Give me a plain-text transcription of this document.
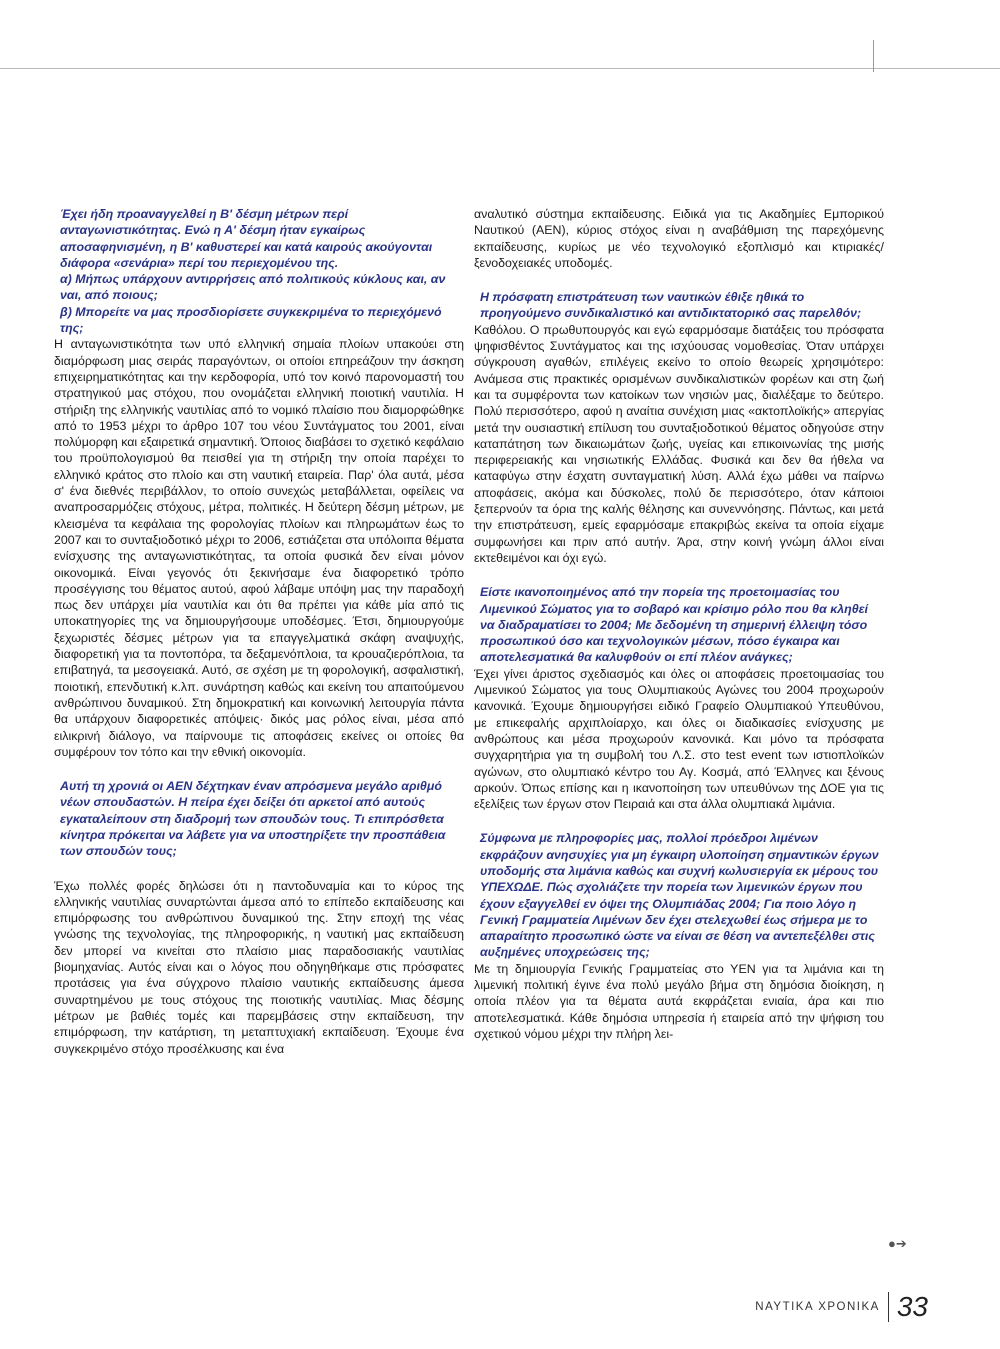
Έχει ήδη προαναγγελθεί η Β' δέσμη μέτρων περί ανταγωνιστικότητας. Ενώ η Α' δέσμη ήταν εγκαίρως αποσαφηνισμένη, η Β' καθυστερεί και κατά καιρούς ακούγονται διάφορα «σενάρια» περί του περιεχομένου της.

α) Μήπως υπάρχουν αντιρρήσεις από πολιτικούς κύκλους και, αν ναι, από ποιους;

β) Μπορείτε να μας προσδιορίσετε συγκεκριμένα το περιεχόμενό της;

Η ανταγωνιστικότητα των υπό ελληνική σημαία πλοίων υπακούει στη διαμόρφωση μιας σειράς παραγόντων, οι οποίοι επηρεάζουν την άσκηση επιχειρηματικότητας και την κερδοφορία, υπό τον κοινό παρονομαστή του στρατηγικού μας στόχου, που ονομάζεται ελληνική ποιοτική ναυτιλία. Η στήριξη της ελληνικής ναυτιλίας από το νομικό πλαίσιο που διαμορφώθηκε από το 1953 μέχρι το άρθρο 107 του νέου Συντάγματος του 2001, είναι πολύμορφη και εξαιρετικά σημαντική. Όποιος διαβάσει το σχετικό κεφάλαιο του προϋπολογισμού θα πεισθεί για τη στήριξη την οποία παρέχει το ελληνικό κράτος στο πλοίο και στη ναυτική εταιρεία. Παρ' όλα αυτά, μέσα σ' ένα διεθνές περιβάλλον, το οποίο συνεχώς μεταβάλλεται, οφείλεις να αναπροσαρμόζεις στόχους, μέτρα, πολιτικές. Η δεύτερη δέσμη μέτρων, με κλεισμένα τα κεφάλαια της φορολογίας πλοίων και πληρωμάτων έως το 2007 και το συνταξιοδοτικό μέχρι το 2006, εστιάζεται στα υπόλοιπα θέματα ενίσχυσης της ανταγωνιστικότητας, τα οποία φυσικά δεν είναι μόνον οικονομικά. Είναι γεγονός ότι ξεκινήσαμε ένα διαφορετικό τρόπο προσέγγισης του θέματος αυτού, αφού λάβαμε υπόψη μας την παραδοχή πως δεν υπάρχει μία ναυτιλία και ότι θα πρέπει για κάθε μία από τις υποκατηγορίες της να δημιουργήσουμε υποδέσμες. Έτσι, δημιουργούμε ξεχωριστές δέσμες μέτρων για τα επαγγελματικά σκάφη αναψυχής, διαφορετική για τα ποντοπόρα, τα δεξαμενόπλοια, τα κρουαζιερόπλοια, τα επιβατηγά, τα μεσογειακά. Αυτό, σε σχέση με τη φορολογική, ασφαλιστική, ποιοτική, επενδυτική κ.λπ. συνάρτηση καθώς και εκείνη του απαιτούμενου ανθρώπινου δυναμικού. Στη δημοκρατική και κοινωνική λειτουργία πάντα θα υπάρχουν διαφορετικές απόψεις· δικός μας ρόλος είναι, μέσα από ειλικρινή διάλογο, να παίρνουμε τις αποφάσεις εκείνες οι οποίες θα συμφέρουν τον τόπο και την εθνική οικονομία.

Αυτή τη χρονιά οι ΑΕΝ δέχτηκαν έναν απρόσμενα μεγάλο αριθμό νέων σπουδαστών. Η πείρα έχει δείξει ότι αρκετοί από αυτούς εγκαταλείπουν στη διαδρομή των σπουδών τους. Τι επιπρόσθετα κίνητρα πρόκειται να λάβετε για να υποστηρίξετε την προσπάθεια των σπουδών τους;

Έχω πολλές φορές δηλώσει ότι η παντοδυναμία και το κύρος της ελληνικής ναυτιλίας συναρτώνται άμεσα από το επίπεδο εκπαίδευσης και επιμόρφωσης του ανθρώπινου δυναμικού της. Στην εποχή της νέας γνώσης της τεχνολογίας, της πληροφορικής, η ναυτική μας εκπαίδευση δεν μπορεί να κινείται στο πλαίσιο μιας παραδοσιακής ναυτιλίας βιομηχανίας. Αυτός είναι και ο λόγος που οδηγηθήκαμε στις πρόσφατες προτάσεις για ένα σύγχρονο πλαίσιο ναυτικής εκπαίδευσης άμεσα συναρτημένου με τους στόχους της ποιοτικής ναυτιλίας. Μιας δέσμης μέτρων με βαθιές τομές και παρεμβάσεις στην εκπαίδευση, την επιμόρφωση, την κατάρτιση, τη μεταπτυχιακή εκπαίδευση. Έχουμε ένα συγκεκριμένο στόχο προσέλκυσης και ένα

αναλυτικό σύστημα εκπαίδευσης. Ειδικά για τις Ακαδημίες Εμπορικού Ναυτικού (ΑΕΝ), κύριος στόχος είναι η αναβάθμιση της παρεχόμενης εκπαίδευσης, κυρίως με νέο τεχνολογικό εξοπλισμό και κτιριακές/ξενοδοχειακές υποδομές.

Η πρόσφατη επιστράτευση των ναυτικών έθιξε ηθικά το προηγούμενο συνδικαλιστικό και αντιδικτατορικό σας παρελθόν;

Καθόλου. Ο πρωθυπουργός και εγώ εφαρμόσαμε διατάξεις του πρόσφατα ψηφισθέντος Συντάγματος και της ισχύουσας νομοθεσίας. Όταν υπάρχει σύγκρουση αγαθών, επιλέγεις εκείνο το οποίο θεωρείς χρησιμότερο: Ανάμεσα στις πρακτικές ορισμένων συνδικαλιστικών φορέων και στη ζωή και τα συμφέροντα των κατοίκων των νησιών μας, διαλέξαμε το δεύτερο. Πολύ περισσότερο, αφού η αναίτια συνέχιση μιας «ακτοπλοϊκής» απεργίας μετά την ουσιαστική επίλυση του συνταξιοδοτικού θέματος οδηγούσε στην καταπάτηση των δικαιωμάτων ζωής, υγείας και επικοινωνίας της μισής περιφερειακής και νησιωτικής Ελλάδας. Φυσικά και δεν θα ήθελα να καταφύγω στην έσχατη συνταγματική λύση. Αλλά έχω μάθει να παίρνω αποφάσεις, ακόμα και δύσκολες, πολύ δε περισσότερο, όταν κάποιοι ξεπερνούν τα όρια της καλής θέλησης και συνεννόησης. Πάντως, και μετά την επιστράτευση, εμείς εφαρμόσαμε επακριβώς εκείνα τα οποία είχαμε συμφωνήσει και πριν από αυτήν. Άρα, στην κοινή γνώμη άλλοι είναι εκτεθειμένοι και όχι εγώ.

Είστε ικανοποιημένος από την πορεία της προετοιμασίας του Λιμενικού Σώματος για το σοβαρό και κρίσιμο ρόλο που θα κληθεί να διαδραματίσει το 2004; Με δεδομένη τη σημερινή έλλειψη τόσο προσωπικού όσο και τεχνολογικών μέσων, πόσο έγκαιρα και αποτελεσματικά θα καλυφθούν οι επί πλέον ανάγκες;

Έχει γίνει άριστος σχεδιασμός και όλες οι αποφάσεις προετοιμασίας του Λιμενικού Σώματος για τους Ολυμπιακούς Αγώνες του 2004 προχωρούν κανονικά. Έχουμε δημιουργήσει ειδικό Γραφείο Ολυμπιακού Υπευθύνου, με επικεφαλής αρχιπλοίαρχο, και όλες οι διαδικασίες ενίσχυσης με ανθρώπους και μέσα προχωρούν κανονικά. Και μόνο τα πρόσφατα συγχαρητήρια για τη συμβολή του Λ.Σ. στο test event των ιστιοπλοϊκών αγώνων, στο ολυμπιακό κέντρο του Αγ. Κοσμά, από Έλληνες και ξένους αρκούν. Όπως επίσης και η ικανοποίηση των υπευθύνων της ΔΟΕ για τις εξελίξεις των έργων στον Πειραιά και στα άλλα ολυμπιακά λιμάνια.

Σύμφωνα με πληροφορίες μας, πολλοί πρόεδροι λιμένων εκφράζουν ανησυχίες για μη έγκαιρη υλοποίηση σημαντικών έργων υποδομής στα λιμάνια καθώς και συχνή κωλυσιεργία εκ μέρους του ΥΠΕΧΩΔΕ. Πώς σχολιάζετε την πορεία των λιμενικών έργων που έχουν εξαγγελθεί εν όψει της Ολυμπιάδας 2004; Για ποιο λόγο η Γενική Γραμματεία Λιμένων δεν έχει στελεχωθεί έως σήμερα με το απαραίτητο προσωπικό ώστε να είναι σε θέση να αντεπεξέλθει στις αυξημένες υποχρεώσεις της;

Με τη δημιουργία Γενικής Γραμματείας στο ΥΕΝ για τα λιμάνια και τη λιμενική πολιτική έγινε ένα πολύ μεγάλο βήμα στη δημόσια διοίκηση, η οποία πλέον για τα θέματα αυτά εκφράζεται ενιαία, άρα και πιο αποτελεσματικά. Κάθε δημόσια υπηρεσία ή εταιρεία από την ψήφιση του σχετικού νόμου μέχρι την πλήρη λει-

●➔
ΝΑΥΤΙΚΑ ΧΡΟΝΙΚΑ 33
